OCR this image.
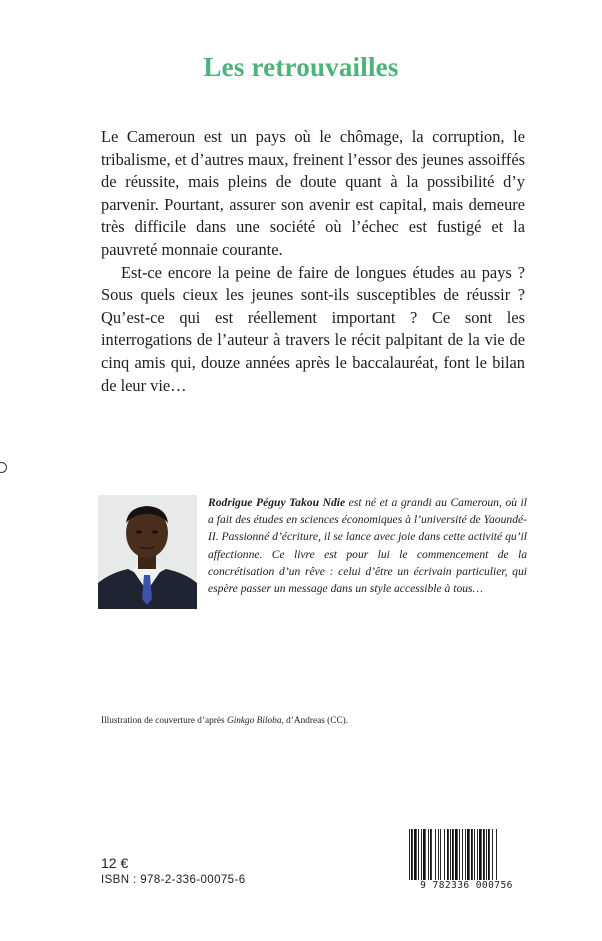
Les retrouvailles

Le Cameroun est un pays où le chômage, la corruption, le tribalisme, et d’autres maux, freinent l’essor des jeunes assoiffés de réussite, mais pleins de doute quant à la possibilité d’y parvenir. Pourtant, assurer son avenir est capital, mais demeure très difficile dans une société où l’échec est fustigé et la pauvreté monnaie courante.

Est-ce encore la peine de faire de longues études au pays ? Sous quels cieux les jeunes sont-ils susceptibles de réussir ? Qu’est-ce qui est réellement important ? Ce sont les interrogations de l’auteur à travers le récit palpitant de la vie de cinq amis qui, douze années après le baccalauréat, font le bilan de leur vie…

Rodrigue Péguy Takou Ndie est né et a grandi au Cameroun, où il a fait des études en sciences économiques à l’université de Yaoundé-II. Passionné d’écriture, il se lance avec joie dans cette activité qu’il affectionne. Ce livre est pour lui le commencement de la concrétisation d’un rêve : celui d’être un écrivain particulier, qui espère passer un message dans un style accessible à tous…
Illustration de couverture d’après Ginkgo Biloba, d’Andreas (CC).
12 €
ISBN : 978-2-336-00075-6	9 782336 000756
